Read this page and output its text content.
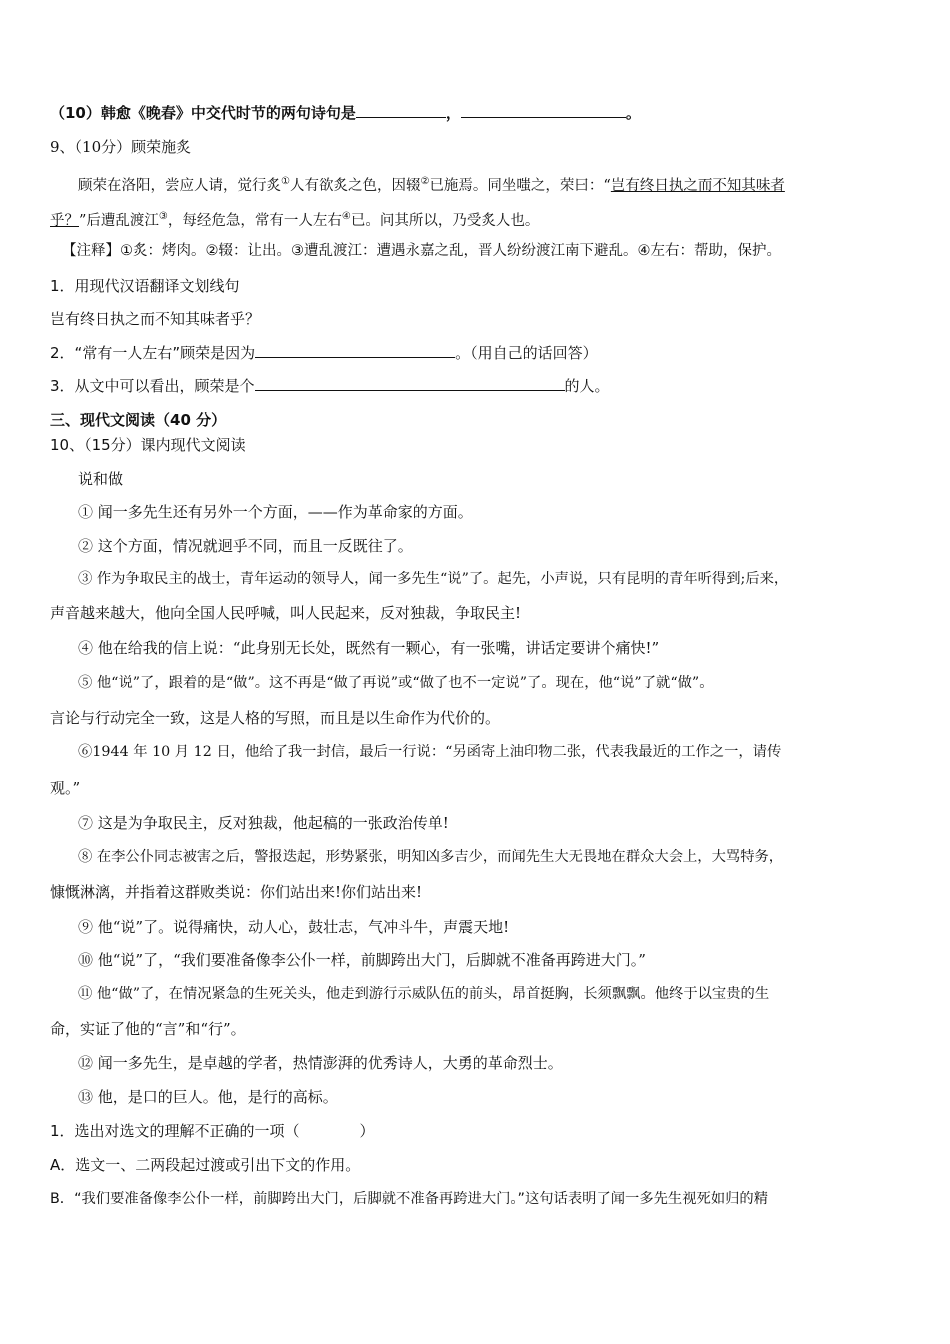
（10）韩愈《晚春》中交代时节的两句诗句是	，	。
9、（10分）顾荣施炙
顾荣在洛阳，尝应人请，觉行炙①人有欲炙之色，因辍②已施焉。同坐嗤之，荣曰：“岂有终日执之而不知其味者
乎？”后遭乱渡江③，每经危急，常有一人左右④已。问其所以，乃受炙人也。
【注释】①炙：烤肉。②辍：让出。③遭乱渡江：遭遇永嘉之乱，晋人纷纷渡江南下避乱。④左右：帮助，保护。
1．用现代汉语翻译文划线句
岂有终日执之而不知其味者乎？
2．“常有一人左右”顾荣是因为	。（用自己的话回答）
3．从文中可以看出，顾荣是个	的人。
三、现代文阅读（40 分）
10、（15分）课内现代文阅读
说和做
① 闻一多先生还有另外一个方面，——作为革命家的方面。
② 这个方面，情况就迥乎不同，而且一反既往了。
③ 作为争取民主的战士，青年运动的领导人，闻一多先生“说”了。起先，小声说，只有昆明的青年听得到;后来，
声音越来越大，他向全国人民呼喊，叫人民起来，反对独裁，争取民主!
④ 他在给我的信上说：“此身别无长处，既然有一颗心，有一张嘴，讲话定要讲个痛快!”
⑤ 他“说”了，跟着的是“做”。这不再是“做了再说”或“做了也不一定说”了。现在，他“说”了就“做”。
言论与行动完全一致，这是人格的写照，而且是以生命作为代价的。
⑥1944 年 10 月 12 日，他给了我一封信，最后一行说：“另函寄上油印物二张，代表我最近的工作之一，请传
观。”
⑦ 这是为争取民主，反对独裁，他起稿的一张政治传单!
⑧ 在李公仆同志被害之后，警报迭起，形势紧张，明知凶多吉少，而闻先生大无畏地在群众大会上，大骂特务，
慷慨淋漓，并指着这群败类说：你们站出来!你们站出来!
⑨ 他“说”了。说得痛快，动人心，鼓壮志，气冲斗牛，声震天地!
⑩ 他“说”了，“我们要准备像李公仆一样，前脚跨出大门，后脚就不准备再跨进大门。”
⑪ 他“做”了，在情况紧急的生死关头，他走到游行示威队伍的前头，昂首挺胸，长须飘飘。他终于以宝贵的生
命，实证了他的“言”和“行”。
⑫ 闻一多先生，是卓越的学者，热情澎湃的优秀诗人，大勇的革命烈士。
⑬ 他，是口的巨人。他，是行的高标。
1．选出对选文的理解不正确的一项（　　　　）
A．选文一、二两段起过渡或引出下文的作用。
B．“我们要准备像李公仆一样，前脚跨出大门，后脚就不准备再跨进大门。”这句话表明了闻一多先生视死如归的精
